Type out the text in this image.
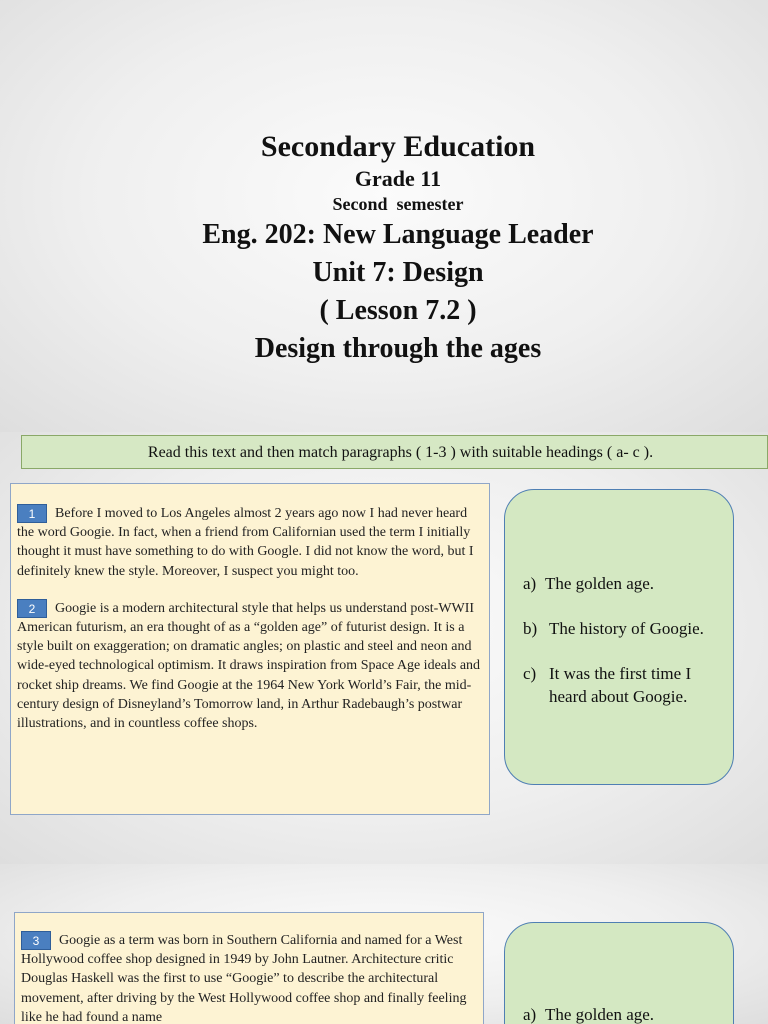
Secondary Education
Grade 11
Second  semester
Eng. 202: New Language Leader
Unit 7: Design
( Lesson 7.2 )
Design through the ages
Read this text and then match paragraphs ( 1-3 ) with suitable headings ( a- c ).

1 Before I moved to Los Angeles almost 2 years ago now I had never heard the word Googie. In fact, when a friend from Californian used the term I initially thought it must have something to do with Google. I did not know the word, but I definitely knew the style. Moreover, I suspect you might too.

2 Googie is a modern architectural style that helps us understand post-WWII American futurism, an era thought of as a “golden age” of futurist design. It is a style built on exaggeration; on dramatic angles; on plastic and steel and neon and wide-eyed technological optimism. It draws inspiration from Space Age ideals and rocket ship dreams. We find Googie at the 1964 New York World’s Fair, the mid-century design of Disneyland’s Tomorrow land, in Arthur Radebaugh’s postwar illustrations, and in countless coffee shops.

a) The golden age.
b) The history of Googie.
c) It was the first time I heard about Googie.

3 Googie as a term was born in Southern California and named for a West Hollywood coffee shop designed in 1949 by John Lautner. Architecture critic Douglas Haskell was the first to use “Googie” to describe the architectural movement, after driving by the West Hollywood coffee shop and finally feeling like he had found a name	a) The golden age.
